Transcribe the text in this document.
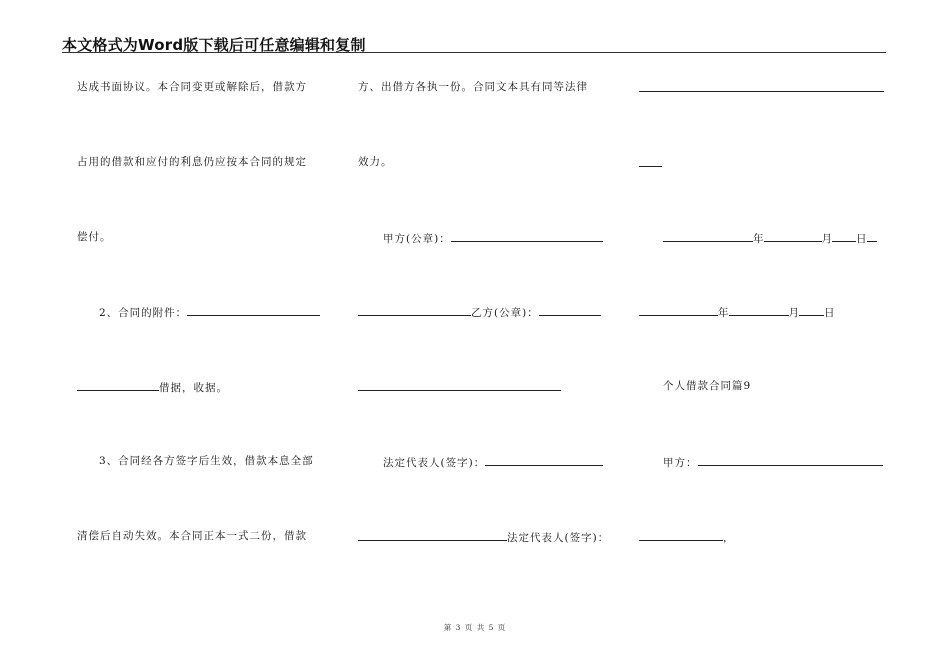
本文格式为Word版下载后可任意编辑和复制
达成书面协议。本合同变更或解除后，借款方
占用的借款和应付的利息仍应按本合同的规定
偿付。
2、合同的附件：
借据，收据。
3、合同经各方签字后生效，借款本息全部
清偿后自动失效。本合同正本一式二份，借款
方、出借方各执一份。合同文本具有同等法律
效力。
甲方(公章)：
乙方(公章)：
法定代表人(签字)：
法定代表人(签字)：
年	月 日
年	月 日
个人借款合同篇9
甲方：
，
第 3 页 共 5 页
